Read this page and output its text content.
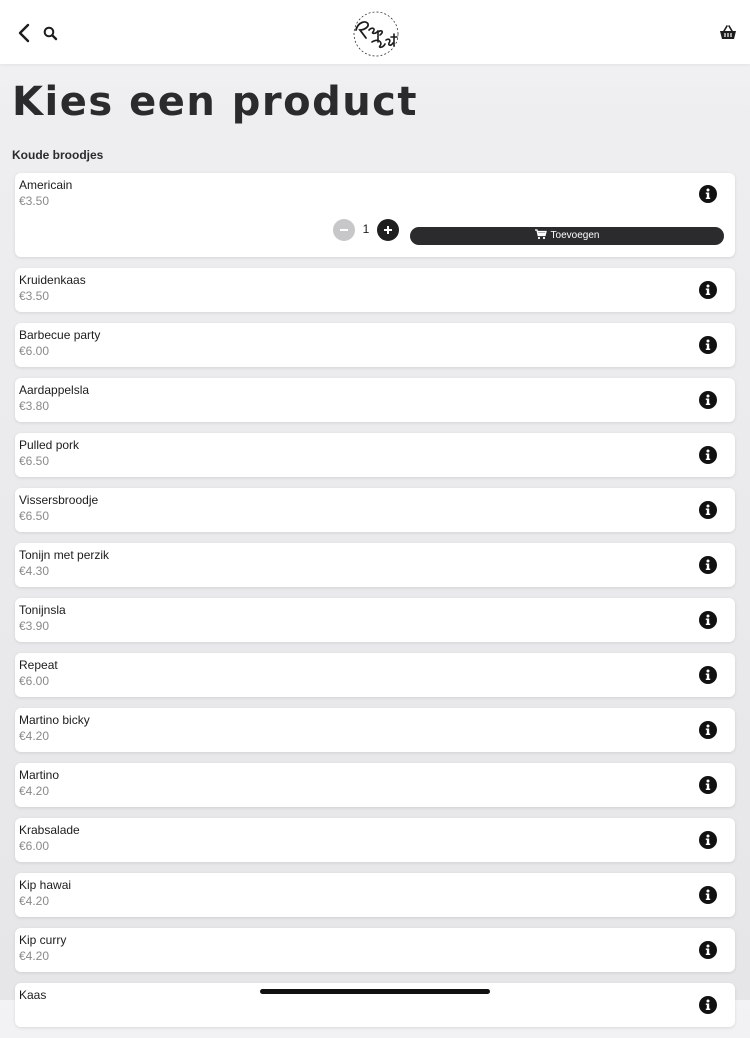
Kies een product
Koude broodjes
Americain
€3.50
1	Toevoegen
Kruidenkaas
€3.50
Barbecue party
€6.00
Aardappelsla
€3.80
Pulled pork
€6.50
Vissersbroodje
€6.50
Tonijn met perzik
€4.30
Tonijnsla
€3.90
Repeat
€6.00
Martino bicky
€4.20
Martino
€4.20
Krabsalade
€6.00
Kip hawai
€4.20
Kip curry
€4.20
Kaas
